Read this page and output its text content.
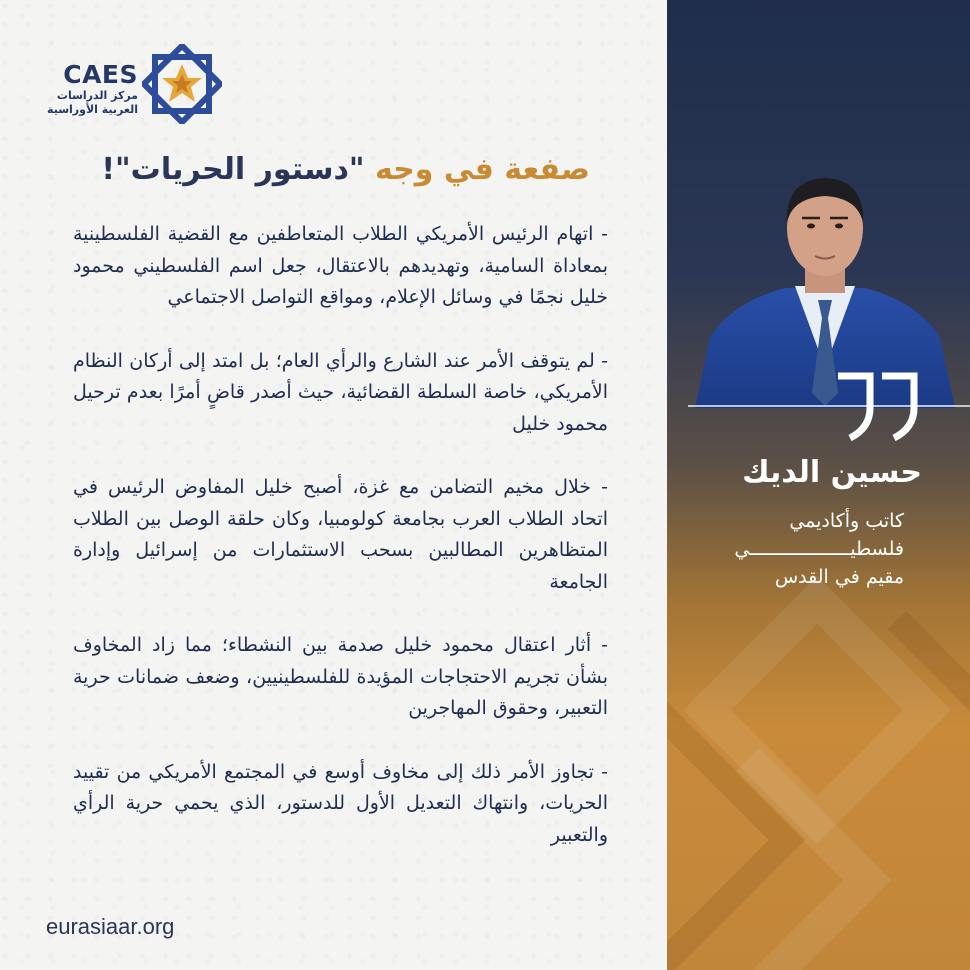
CAES
مركز الدراسات
العربية الأوراسية
صفعة في وجه "دستور الحريات"!

- اتهام الرئيس الأمريكي الطلاب المتعاطفين مع القضية الفلسطينية بمعاداة السامية، وتهديدهم بالاعتقال، جعل اسم الفلسطيني محمود خليل نجمًا في وسائل الإعلام، ومواقع التواصل الاجتماعي

- لم يتوقف الأمر عند الشارع والرأي العام؛ بل امتد إلى أركان النظام الأمريكي، خاصة السلطة القضائية، حيث أصدر قاضٍ أمرًا بعدم ترحيل محمود خليل

- خلال مخيم التضامن مع غزة، أصبح خليل المفاوض الرئيس في اتحاد الطلاب العرب بجامعة كولومبيا، وكان حلقة الوصل بين الطلاب المتظاهرين المطالبين بسحب الاستثمارات من إسرائيل وإدارة الجامعة

- أثار اعتقال محمود خليل صدمة بين النشطاء؛ مما زاد المخاوف بشأن تجريم الاحتجاجات المؤيدة للفلسطينيين، وضعف ضمانات حرية التعبير، وحقوق المهاجرين

- تجاوز الأمر ذلك إلى مخاوف أوسع في المجتمع الأمريكي من تقييد الحريات، وانتهاك التعديل الأول للدستور، الذي يحمي حرية الرأي والتعبير

eurasiaar.org
حسين الديك
كاتب وأكاديمي
فلسطيــــــــــــــــــي
مقيم في القدس
